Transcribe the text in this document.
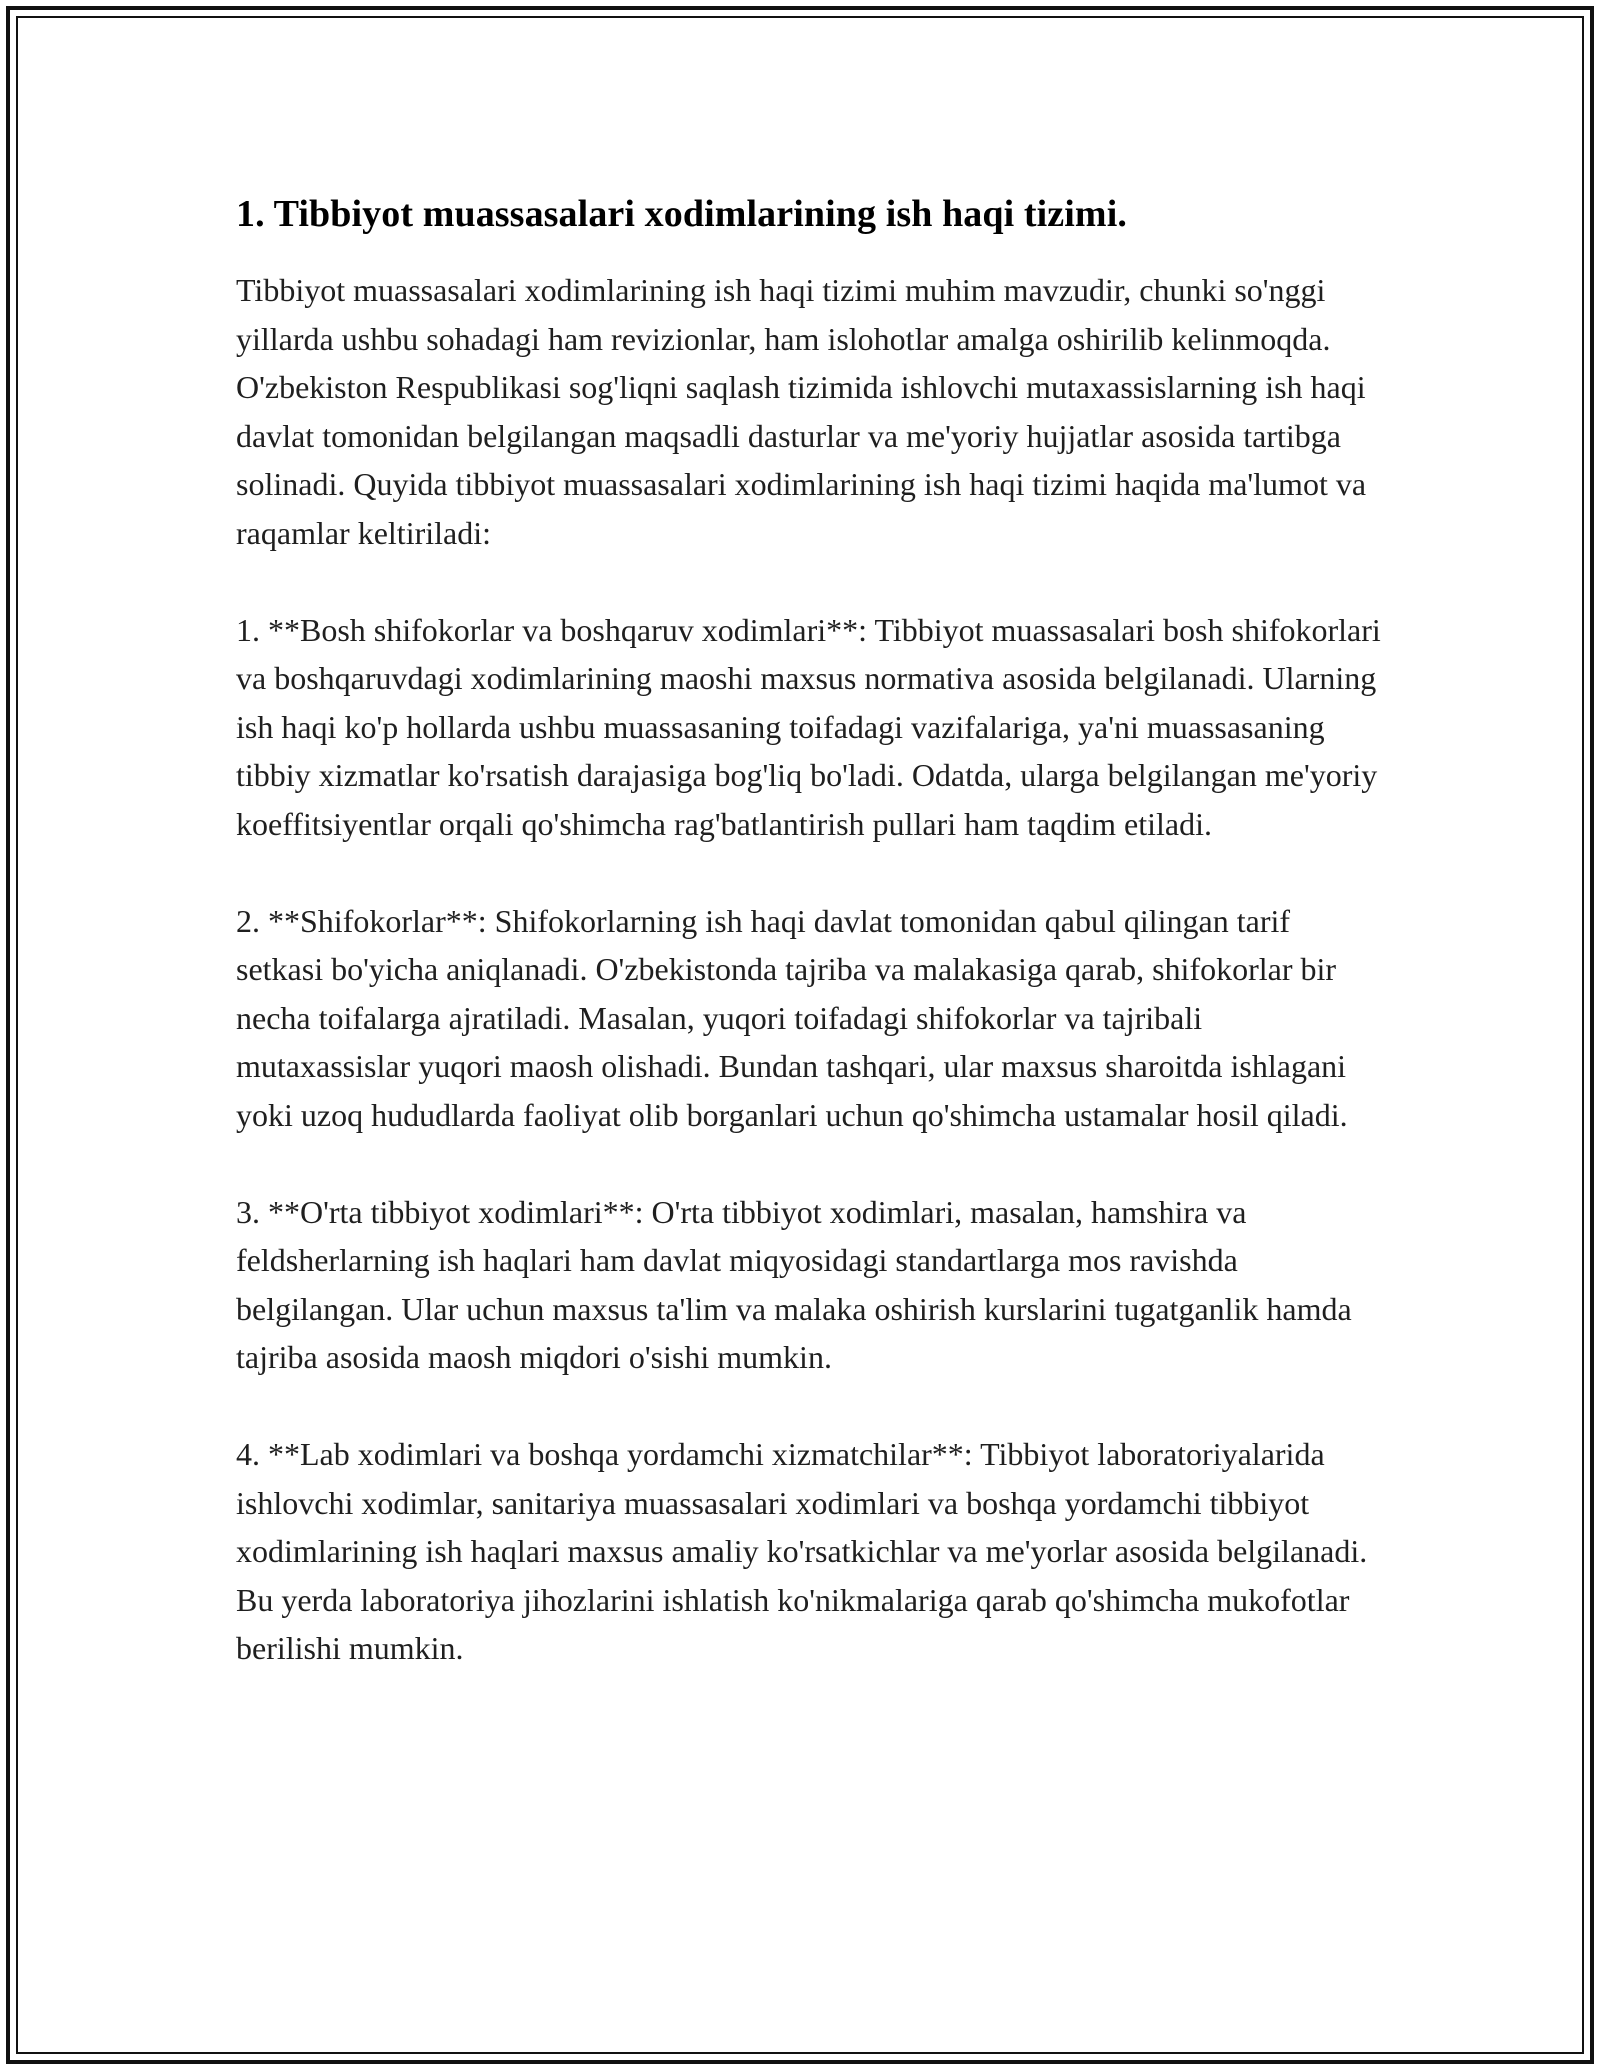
1. Tibbiyot muassasalari xodimlarining ish haqi tizimi.

Tibbiyot muassasalari xodimlarining ish haqi tizimi muhim mavzudir, chunki so'nggi yillarda ushbu sohadagi ham revizionlar, ham islohotlar amalga oshirilib kelinmoqda. O'zbekiston Respublikasi sog'liqni saqlash tizimida ishlovchi mutaxassislarning ish haqi davlat tomonidan belgilangan maqsadli dasturlar va me'yoriy hujjatlar asosida tartibga solinadi. Quyida tibbiyot muassasalari xodimlarining ish haqi tizimi haqida ma'lumot va raqamlar keltiriladi:

1. **Bosh shifokorlar va boshqaruv xodimlari**: Tibbiyot muassasalari bosh shifokorlari va boshqaruvdagi xodimlarining maoshi maxsus normativa asosida belgilanadi. Ularning ish haqi ko'p hollarda ushbu muassasaning toifadagi vazifalariga, ya'ni muassasaning tibbiy xizmatlar ko'rsatish darajasiga bog'liq bo'ladi. Odatda, ularga belgilangan me'yoriy koeffitsiyentlar orqali qo'shimcha rag'batlantirish pullari ham taqdim etiladi.

2. **Shifokorlar**: Shifokorlarning ish haqi davlat tomonidan qabul qilingan tarif setkasi bo'yicha aniqlanadi. O'zbekistonda tajriba va malakasiga qarab, shifokorlar bir necha toifalarga ajratiladi. Masalan, yuqori toifadagi shifokorlar va tajribali mutaxassislar yuqori maosh olishadi. Bundan tashqari, ular maxsus sharoitda ishlagani yoki uzoq hududlarda faoliyat olib borganlari uchun qo'shimcha ustamalar hosil qiladi.

3. **O'rta tibbiyot xodimlari**: O'rta tibbiyot xodimlari, masalan, hamshira va feldsherlarning ish haqlari ham davlat miqyosidagi standartlarga mos ravishda belgilangan. Ular uchun maxsus ta'lim va malaka oshirish kurslarini tugatganlik hamda tajriba asosida maosh miqdori o'sishi mumkin.

4. **Lab xodimlari va boshqa yordamchi xizmatchilar**: Tibbiyot laboratoriyalarida ishlovchi xodimlar, sanitariya muassasalari xodimlari va boshqa yordamchi tibbiyot xodimlarining ish haqlari maxsus amaliy ko'rsatkichlar va me'yorlar asosida belgilanadi. Bu yerda laboratoriya jihozlarini ishlatish ko'nikmalariga qarab qo'shimcha mukofotlar berilishi mumkin.
